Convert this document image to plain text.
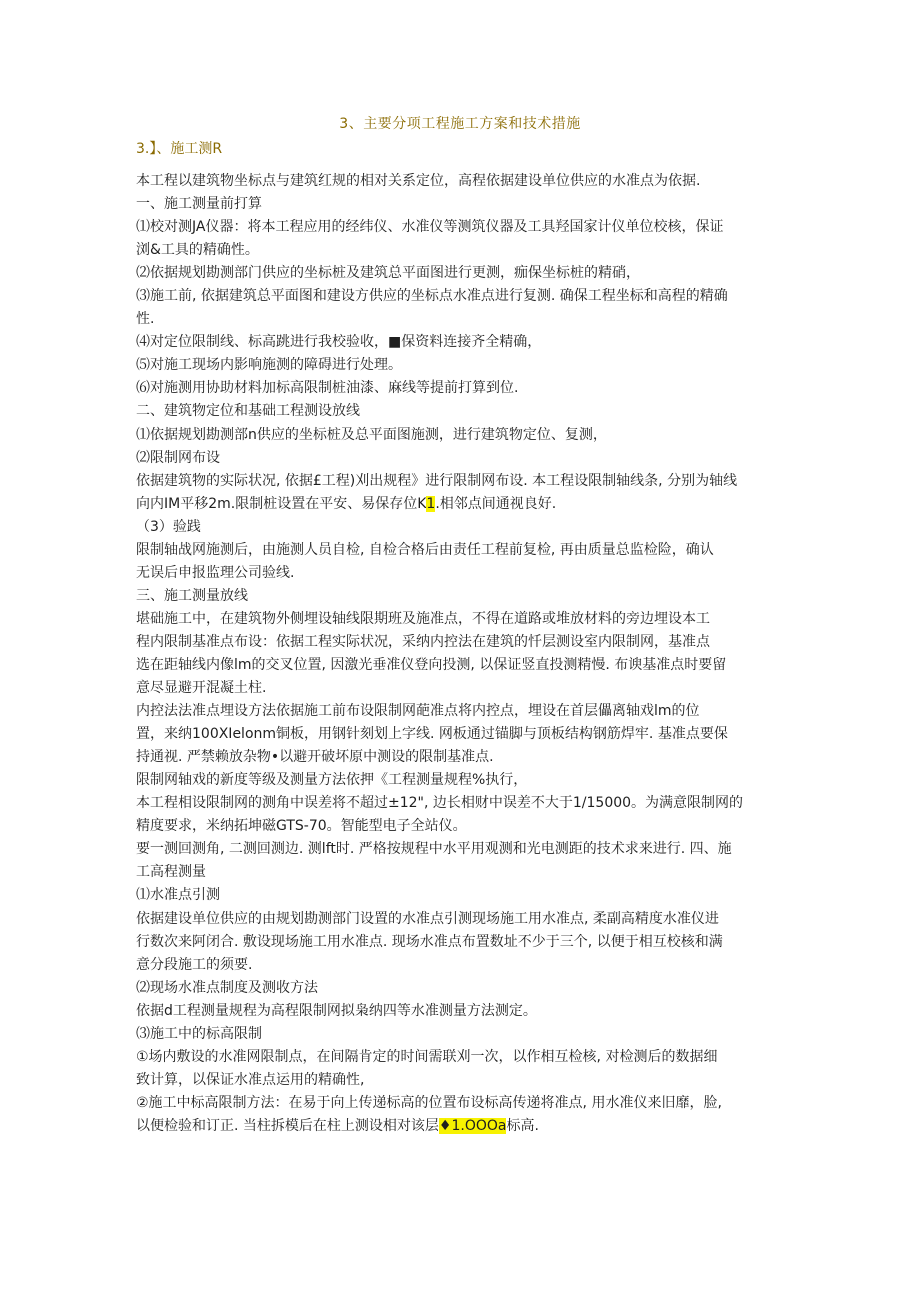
3、主要分项工程施工方案和技术措施
3.】、施工测R
本工程以建筑物坐标点与建筑红规的相对关系定位，高程依据建设单位供应的水准点为依据.
一、施工测量前打算
⑴校对测JA仪器：将本工程应用的经纬仪、水准仪等测筑仪器及工具羟国家计仪单位校核，保证
浏&工具的精确性。
⑵依据规划勘测部门供应的坐标桩及建筑总平面图进行更测，痂保坐标桩的精硝，
⑶施工前, 依据建筑总平面图和建设方供应的坐标点水准点进行复测. 确保工程坐标和高程的精确
性.
⑷对定位限制线、标高跳进行我校验收，■保资料连接齐全精确，
⑸对施工现场内影响施测的障碍进行处理。
⑹对施测用协助材料加标高限制桩油漆、麻线等提前打算到位.
二、建筑物定位和基础工程测设放线
⑴依据规划勘测部n供应的坐标桩及总平面图施测，进行建筑物定位、复测，
⑵限制网布设
依据建筑物的实际状况, 依据£工程)刈出规程》进行限制网布设. 本工程设限制轴线条, 分别为轴线
向内IM平移2m.限制桩设置在平安、易保存位K1.相邻点间通视良好.
（3）验践
限制轴战网施测后，由施测人员自检, 自检合格后由责任工程前复检, 再由质量总监检险，确认
无误后申报监理公司验线.
三、施工测量放线
堪础施工中，在建筑物外侧埋设轴线限期班及施准点，不得在道路或堆放材料的旁边埋设本工
程内限制基准点布设：依据工程实际状况，采纳内控法在建筑的忏层测设室内限制网，基准点
选在距轴线内像lm的交叉位置, 因激光垂准仪登向投测, 以保证竖直投测精慢. 布谀基准点时要留
意尽显避开混凝土柱.
内控法法准点埋设方法依据施工前布设限制网葩准点将内控点，埋设在首层儡离轴戏lm的位
置，来纳100XIelonm铜板，用钢针刻划上字线. 网板通过锚脚与顶板结构钢筋焊牢. 基准点要保
持通视. 严禁赖放杂物•以避开破坏原中测设的限制基准点.
限制网轴戏的新度等级及测量方法依押《工程测量规程%执行，
本工程相设限制网的测角中误差将不超过±12", 边长相财中误差不大于1/15000。为满意限制网的
精度要求，米纳拓坤磁GTS-70。智能型电子全站仪。
要一测回测角, 二测回测边. 测lft时. 严格按规程中水平用观测和光电测距的技术求来进行. 四、施
工高程测量
⑴水准点引测
依据建设单位供应的由规划勘测部门设置的水准点引测现场施工用水准点, 柔副高精度水准仪进
行数次来阿闭合. 敷设现场施工用水准点. 现场水准点布置数址不少于三个, 以便于相互校核和满
意分段施工的须要.
⑵现场水准点制度及测收方法
依据d工程测量规程为高程限制网拟枭纳四等水准测量方法测定。
⑶施工中的标高限制
①场内敷设的水准网限制点，在间隔肯定的时间需联刈一次，以作相互检核, 对检测后的数据细
致计算，以保证水准点运用的精确性,
②施工中标高限制方法：在易于向上传递标高的位置布设标高传递将准点, 用水准仪来旧靡，脸,
以便检验和订正. 当柱拆模后在柱上测设相对该层♦1.OOOa标高.
